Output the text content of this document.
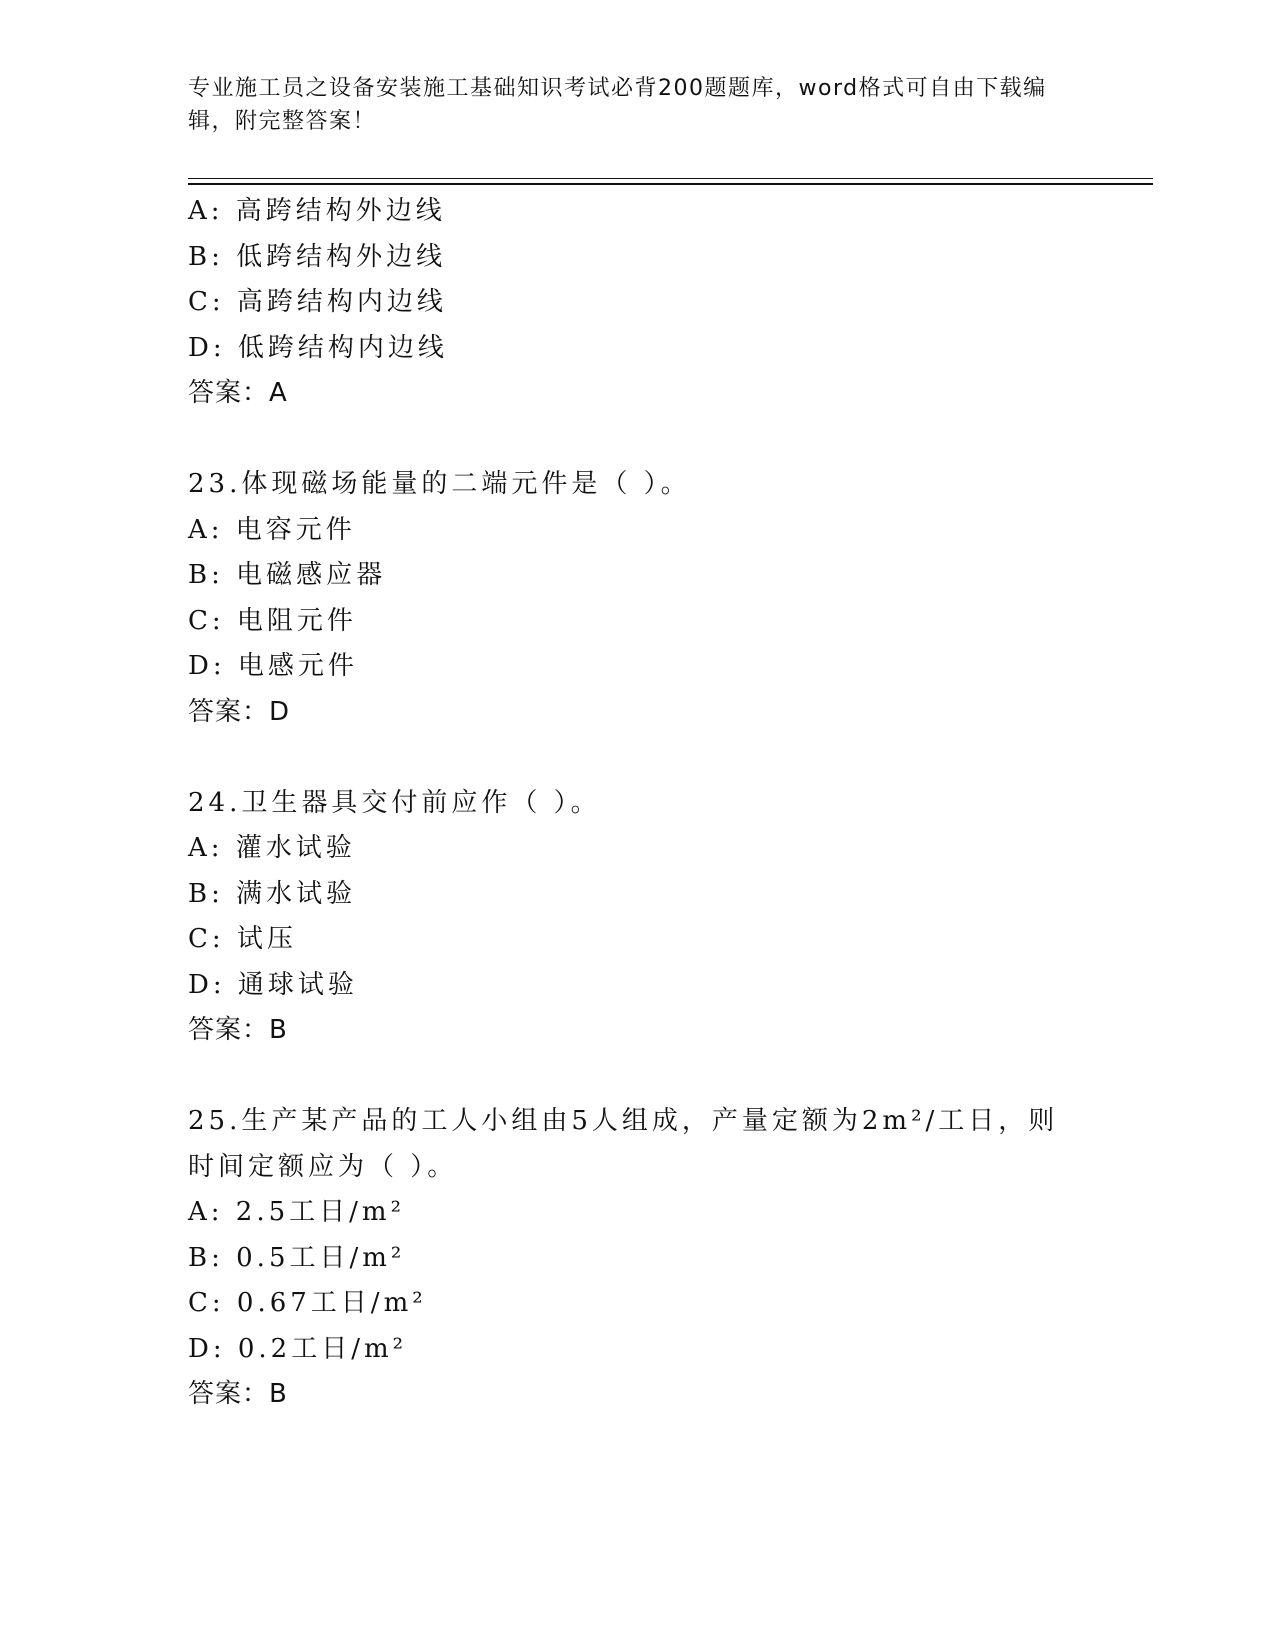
专业施工员之设备安装施工基础知识考试必背200题题库，word格式可自由下载编辑，附完整答案！
A: 高跨结构外边线
B: 低跨结构外边线
C: 高跨结构内边线
D: 低跨结构内边线
答案：A
23.体现磁场能量的二端元件是（ ）。
A: 电容元件
B: 电磁感应器
C: 电阻元件
D: 电感元件
答案：D
24.卫生器具交付前应作（ ）。
A: 灌水试验
B: 满水试验
C: 试压
D: 通球试验
答案：B
25.生产某产品的工人小组由5人组成，产量定额为2m²/工日，则时间定额应为（ ）。
A: 2.5工日/m²
B: 0.5工日/m²
C: 0.67工日/m²
D: 0.2工日/m²
答案：B
